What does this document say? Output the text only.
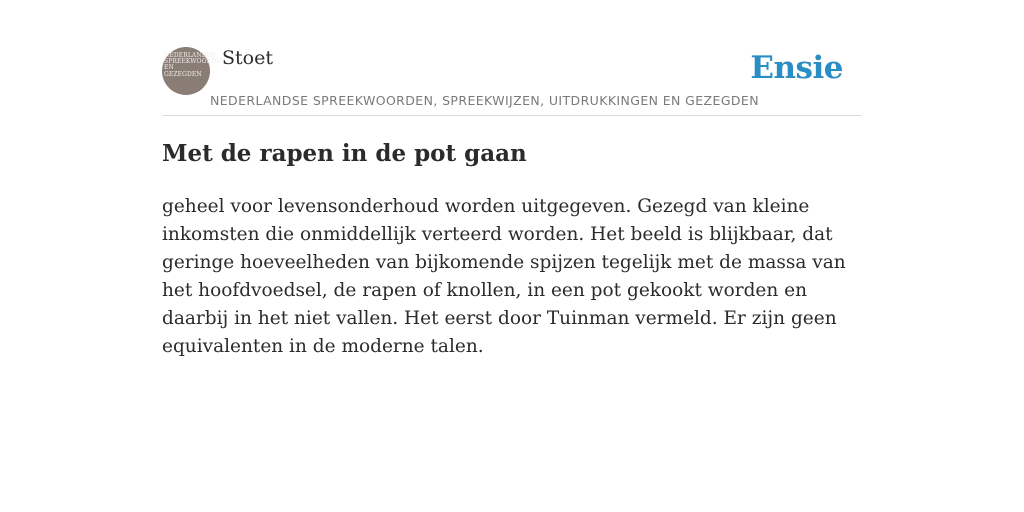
NEDERLANDSE SPREEKWOORDEN EN GEZEGDEN
Stoet
NEDERLANDSE SPREEKWOORDEN, SPREEKWIJZEN, UITDRUKKINGEN EN GEZEGDEN
Ensie
Met de rapen in de pot gaan

geheel voor levensonderhoud worden uitgegeven. Gezegd van kleine inkomsten die onmiddellijk verteerd worden. Het beeld is blijkbaar, dat geringe hoeveelheden van bijkomende spijzen tegelijk met de massa van het hoofdvoedsel, de rapen of knollen, in een pot gekookt worden en daarbij in het niet vallen. Het eerst door Tuinman vermeld. Er zijn geen equivalenten in de moderne talen.
